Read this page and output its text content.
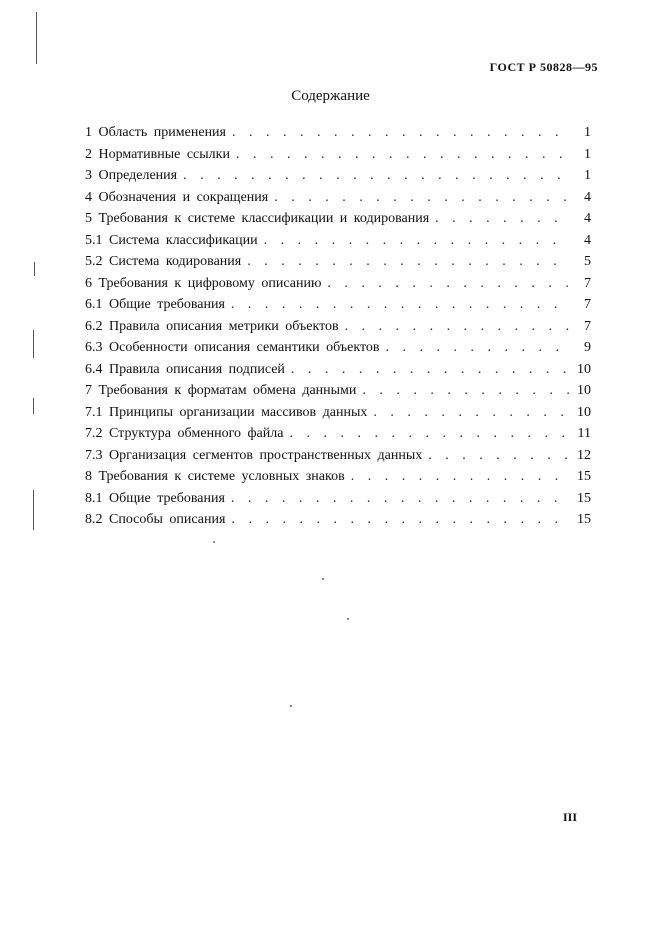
ГОСТ Р 50828—95
Содержание
1 Область применения . . .	1
2 Нормативные ссылки . . .	1
3 Определения . . .	1
4 Обозначения и сокращения . . .	4
5 Требования к системе классификации и кодирования . . .	4
5.1 Система классификации . . .	4
5.2 Система кодирования . . .	5
6 Требования к цифровому описанию . . .	7
6.1 Общие требования . . .	7
6.2 Правила описания метрики объектов . . .	7
6.3 Особенности описания семантики объектов . . .	9
6.4 Правила описания подписей . . .	10
7 Требования к форматам обмена данными . . .	10
7.1 Принципы организации массивов данных . . .	10
7.2 Структура обменного файла . . .	11
7.3 Организация сегментов пространственных данных . . .	12
8 Требования к системе условных знаков . . .	15
8.1 Общие требования . . .	15
8.2 Способы описания . . .	15
III
